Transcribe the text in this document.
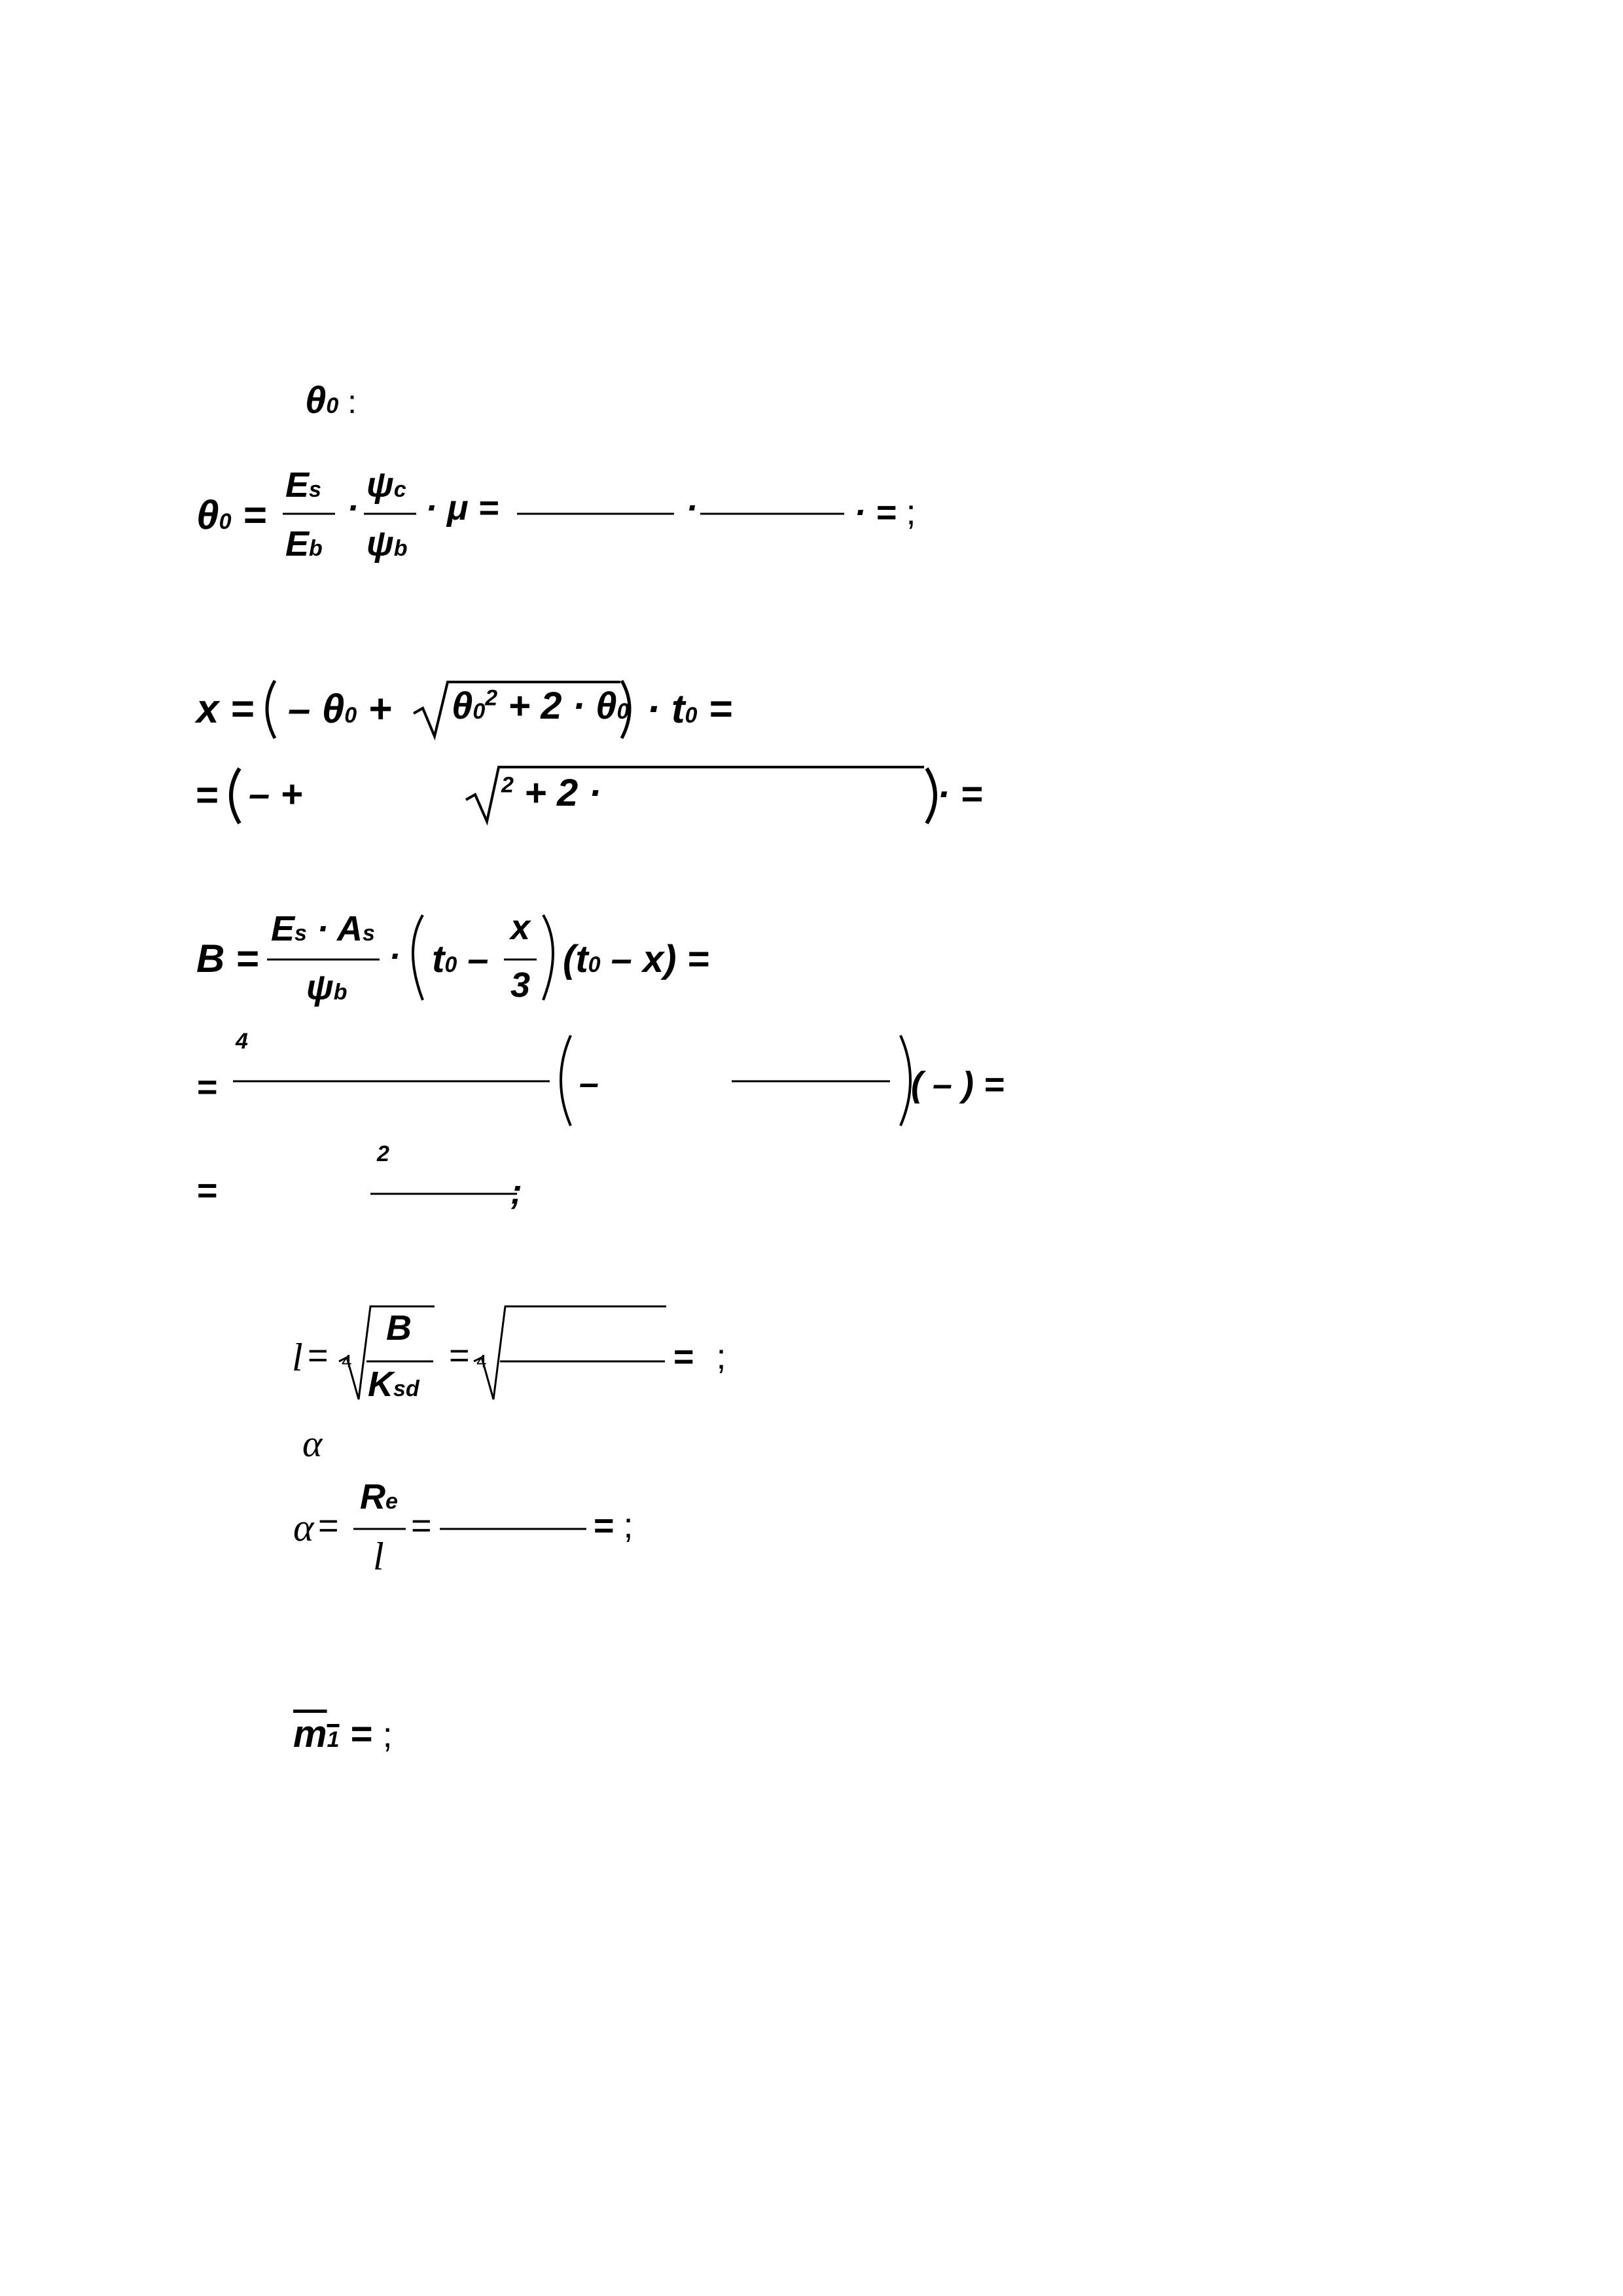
θ0 :
θ0 =
Es
Eb
·
ψc
ψb
· μ =	·	· = ;
x = – $\theta 0 + \theta 0^2 + 2 \cdot \theta 0 \cdot t0$ =
= – +	$^2$ + 2 ·	· =
B =
Es · As
ψb
· t0 –
x
3
(t0 – x) =
=
$^4$
–	( – ) =
=
$^2$
;
l = 4
B
Ksd
= 4	= ;
α
α =
Re
l
=	= ;
m1 = ;
